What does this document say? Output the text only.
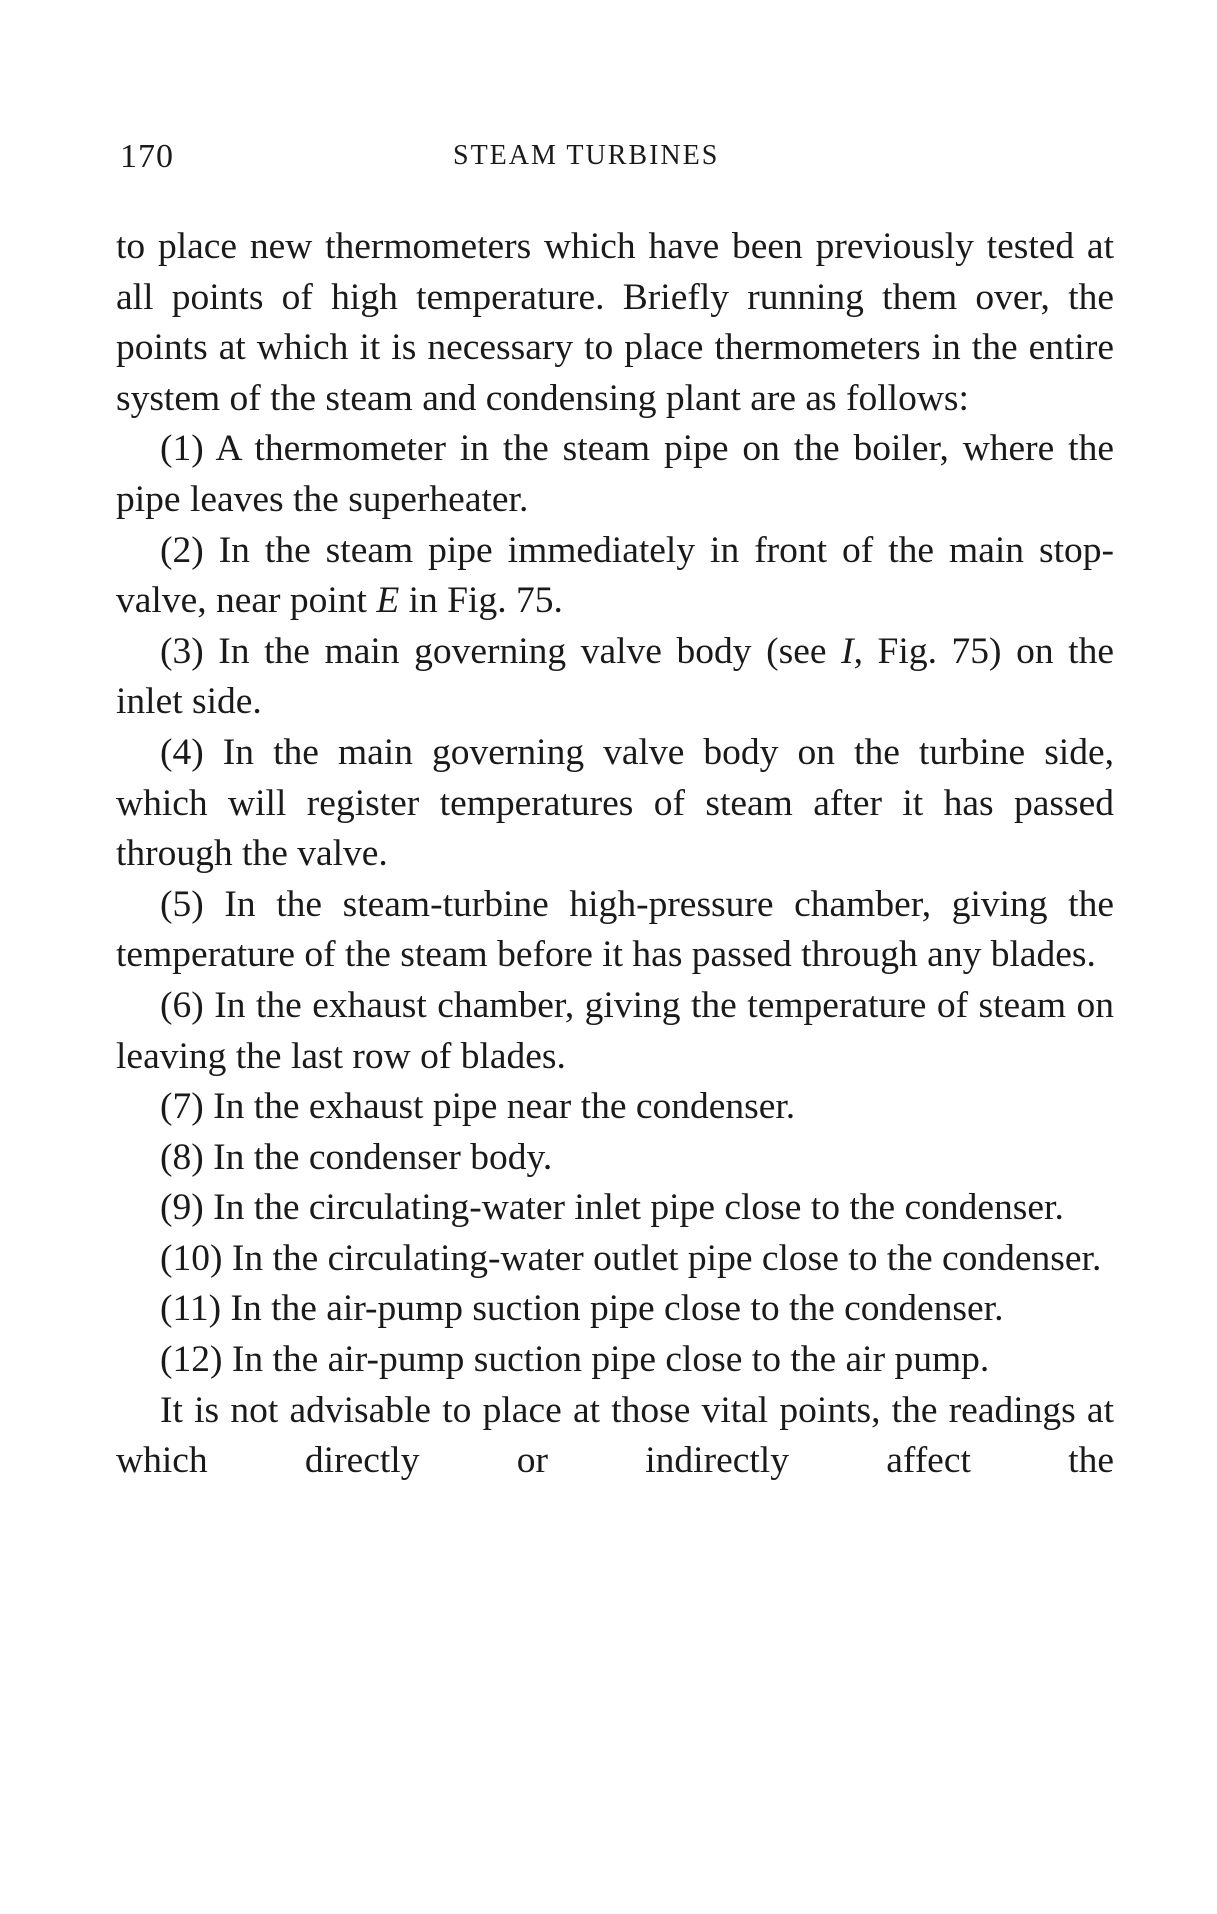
170	STEAM TURBINES

to place new thermometers which have been previously tested at all points of high temperature. Briefly running them over, the points at which it is necessary to place thermometers in the entire system of the steam and condensing plant are as follows:

(1) A thermometer in the steam pipe on the boiler, where the pipe leaves the superheater.

(2) In the steam pipe immediately in front of the main stop-valve, near point E in Fig. 75.

(3) In the main governing valve body (see I, Fig. 75) on the inlet side.

(4) In the main governing valve body on the turbine side, which will register temperatures of steam after it has passed through the valve.

(5) In the steam-turbine high-pressure chamber, giving the temperature of the steam before it has passed through any blades.

(6) In the exhaust chamber, giving the temperature of steam on leaving the last row of blades.

(7) In the exhaust pipe near the condenser.

(8) In the condenser body.

(9) In the circulating-water inlet pipe close to the condenser.

(10) In the circulating-water outlet pipe close to the condenser.

(11) In the air-pump suction pipe close to the condenser.

(12) In the air-pump suction pipe close to the air pump.

It is not advisable to place at those vital points, the readings at which directly or indirectly affect the
